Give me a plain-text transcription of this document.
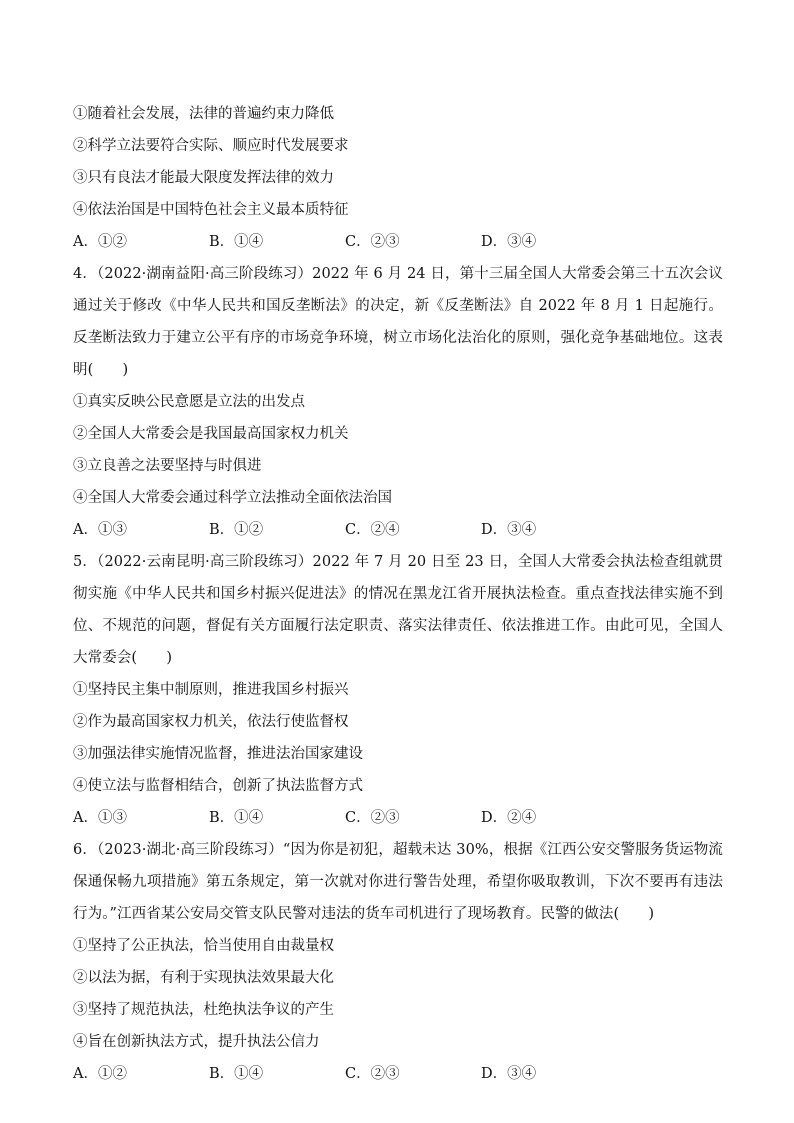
①随着社会发展，法律的普遍约束力降低
②科学立法要符合实际、顺应时代发展要求
③只有良法才能最大限度发挥法律的效力
④依法治国是中国特色社会主义最本质特征
A．①②	B．①④	C．②③	D．③④
4．（2022·湖南益阳·高三阶段练习）2022 年 6 月 24 日，第十三届全国人大常委会第三十五次会议通过关于修改《中华人民共和国反垄断法》的决定，新《反垄断法》自 2022 年 8 月 1 日起施行。反垄断法致力于建立公平有序的市场竞争环境，树立市场化法治化的原则，强化竞争基础地位。这表明(　　)
①真实反映公民意愿是立法的出发点
②全国人大常委会是我国最高国家权力机关
③立良善之法要坚持与时俱进
④全国人大常委会通过科学立法推动全面依法治国
A．①③	B．①②	C．②④	D．③④
5．（2022·云南昆明·高三阶段练习）2022 年 7 月 20 日至 23 日，全国人大常委会执法检查组就贯彻实施《中华人民共和国乡村振兴促进法》的情况在黑龙江省开展执法检查。重点查找法律实施不到位、不规范的问题，督促有关方面履行法定职责、落实法律责任、依法推进工作。由此可见，全国人大常委会(　　)
①坚持民主集中制原则，推进我国乡村振兴
②作为最高国家权力机关，依法行使监督权
③加强法律实施情况监督，推进法治国家建设
④使立法与监督相结合，创新了执法监督方式
A．①③	B．①④	C．②③	D．②④
6．（2023·湖北·高三阶段练习）“因为你是初犯，超载未达 30%，根据《江西公安交警服务货运物流保通保畅九项措施》第五条规定，第一次就对你进行警告处理，希望你吸取教训，下次不要再有违法行为。”江西省某公安局交管支队民警对违法的货车司机进行了现场教育。民警的做法(　　)
①坚持了公正执法，恰当使用自由裁量权
②以法为据，有利于实现执法效果最大化
③坚持了规范执法，杜绝执法争议的产生
④旨在创新执法方式，提升执法公信力
A．①②	B．①④	C．②③	D．③④
